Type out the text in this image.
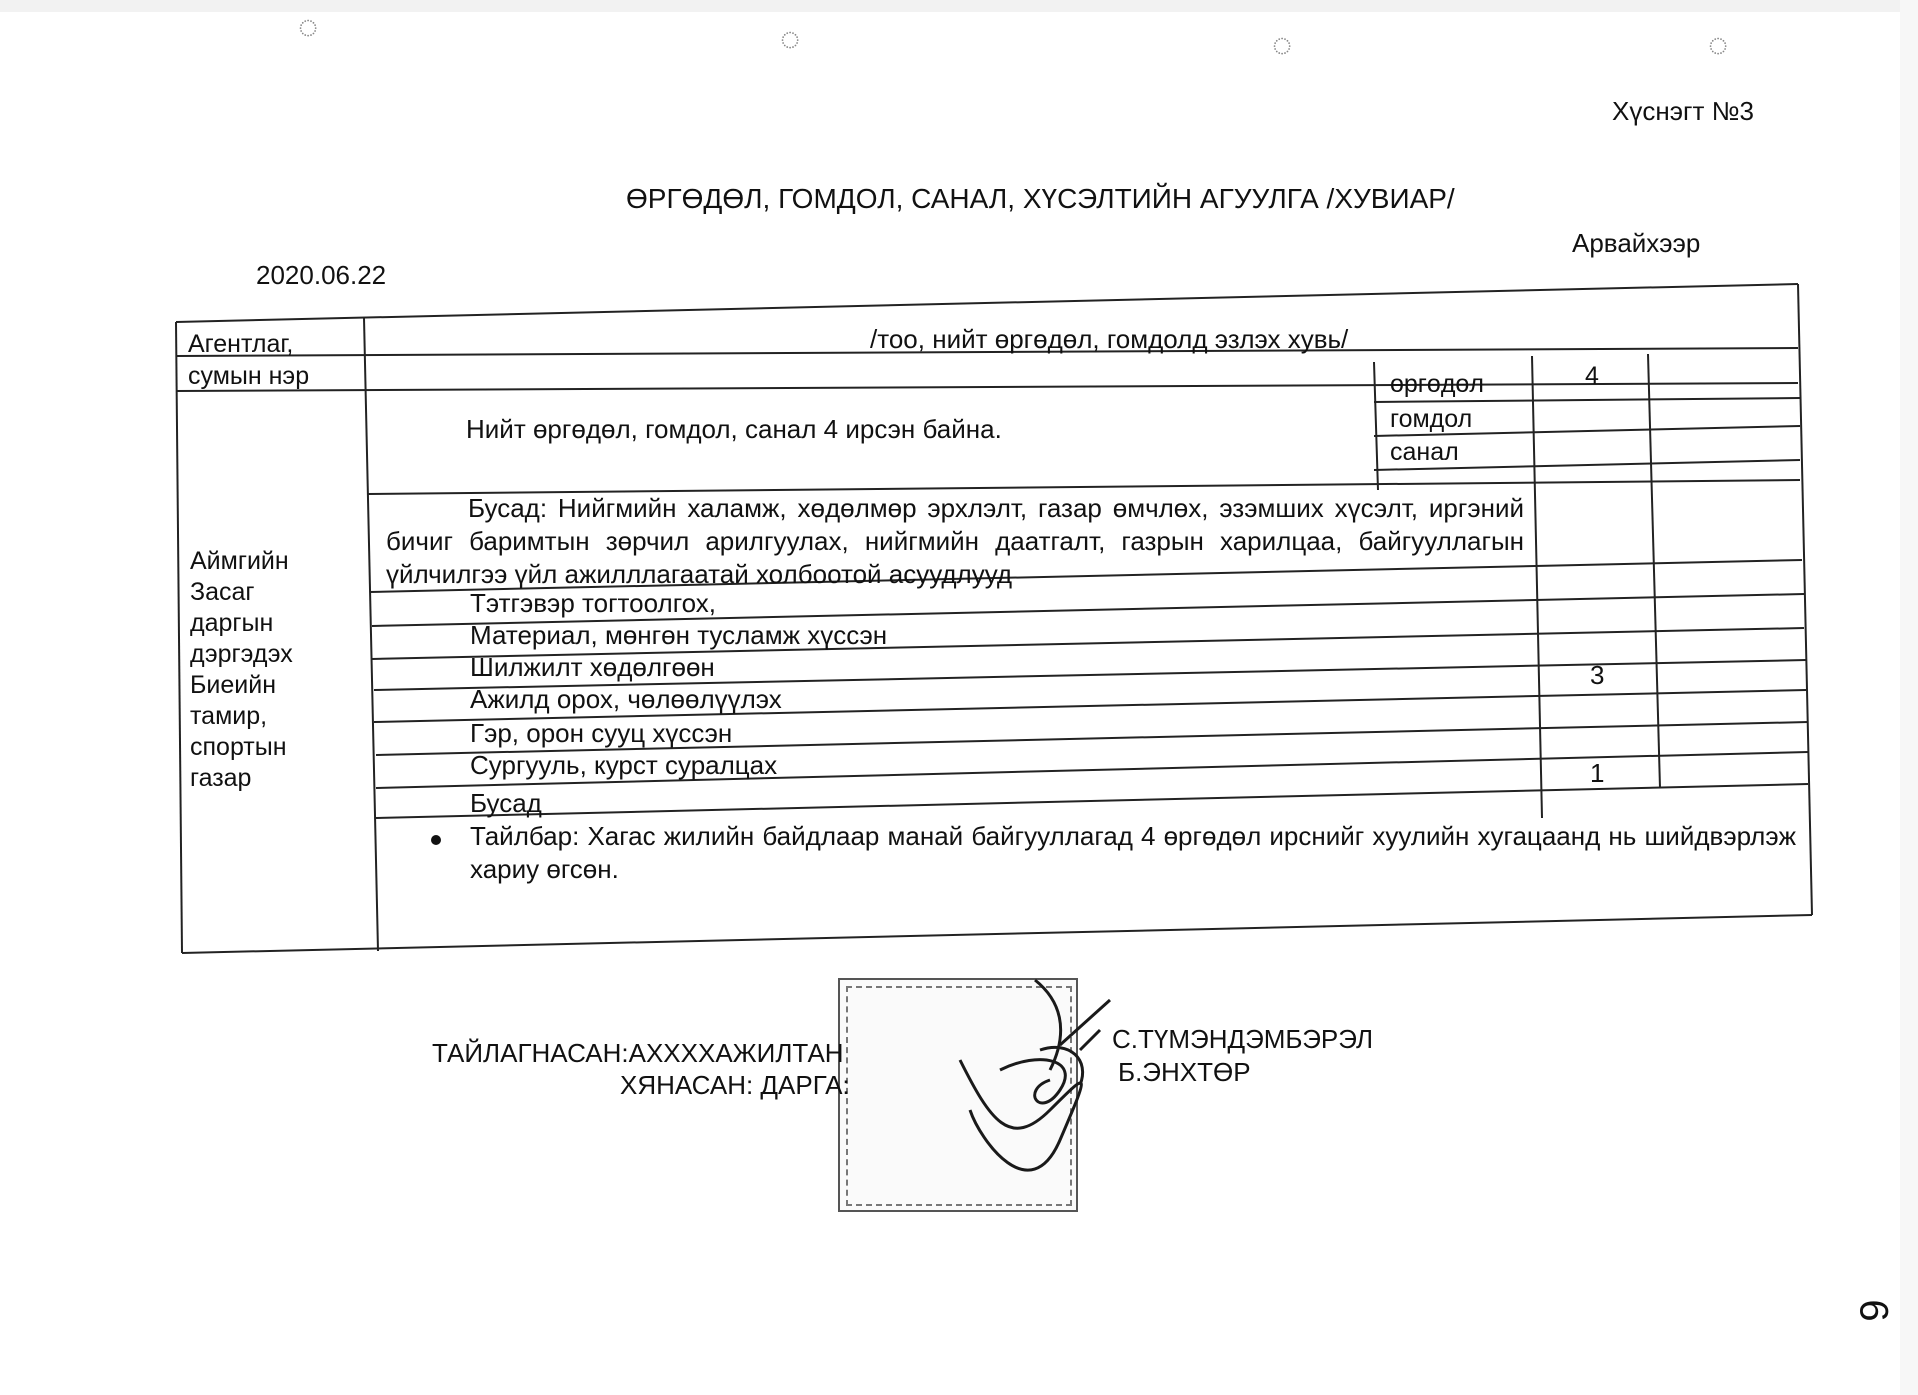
◌	◌	◌	◌
Хүснэгт №3
ӨРГӨДӨЛ, ГОМДОЛ, САНАЛ, ХҮСЭЛТИЙН АГУУЛГА /ХУВИАР/
Арвайхээр
2020.06.22
Агентлаг, сумын нэр
/тоо, нийт өргөдөл, гомдолд эзлэх хувь/
Аймгийн Засаг даргын дэргэдэх Биеийн тамир, спортын газар
Нийт өргөдөл, гомдол, санал 4 ирсэн байна.
өргөдөл	4
гомдол
санал
Бусад: Нийгмийн халамж, хөдөлмөр эрхлэлт, газар өмчлөх, эзэмших хүсэлт, иргэний бичиг баримтын зөрчил арилгуулах, нийгмийн даатгалт, газрын харилцаа, байгууллагын үйлчилгээ үйл ажилллагаатай холбоотой асуудлууд
Тэтгэвэр тогтоолгох,
Материал, мөнгөн тусламж хүссэн
Шилжилт хөдөлгөөн	3
Ажилд орох, чөлөөлүүлэх
Гэр, орон сууц хүссэн
Сургууль, курст суралцах	1
Бусад
Тайлбар: Хагас жилийн байдлаар манай байгууллагад 4 өргөдөл ирснийг хуулийн хугацаанд нь шийдвэрлэж хариу өгсөн.
ТАЙЛАГНАСАН:АХХХХАЖИЛТАН	С.ТҮМЭНДЭМБЭРЭЛ
ХЯНАСАН: ДАРГА:	Б.ЭНХТӨР
6
